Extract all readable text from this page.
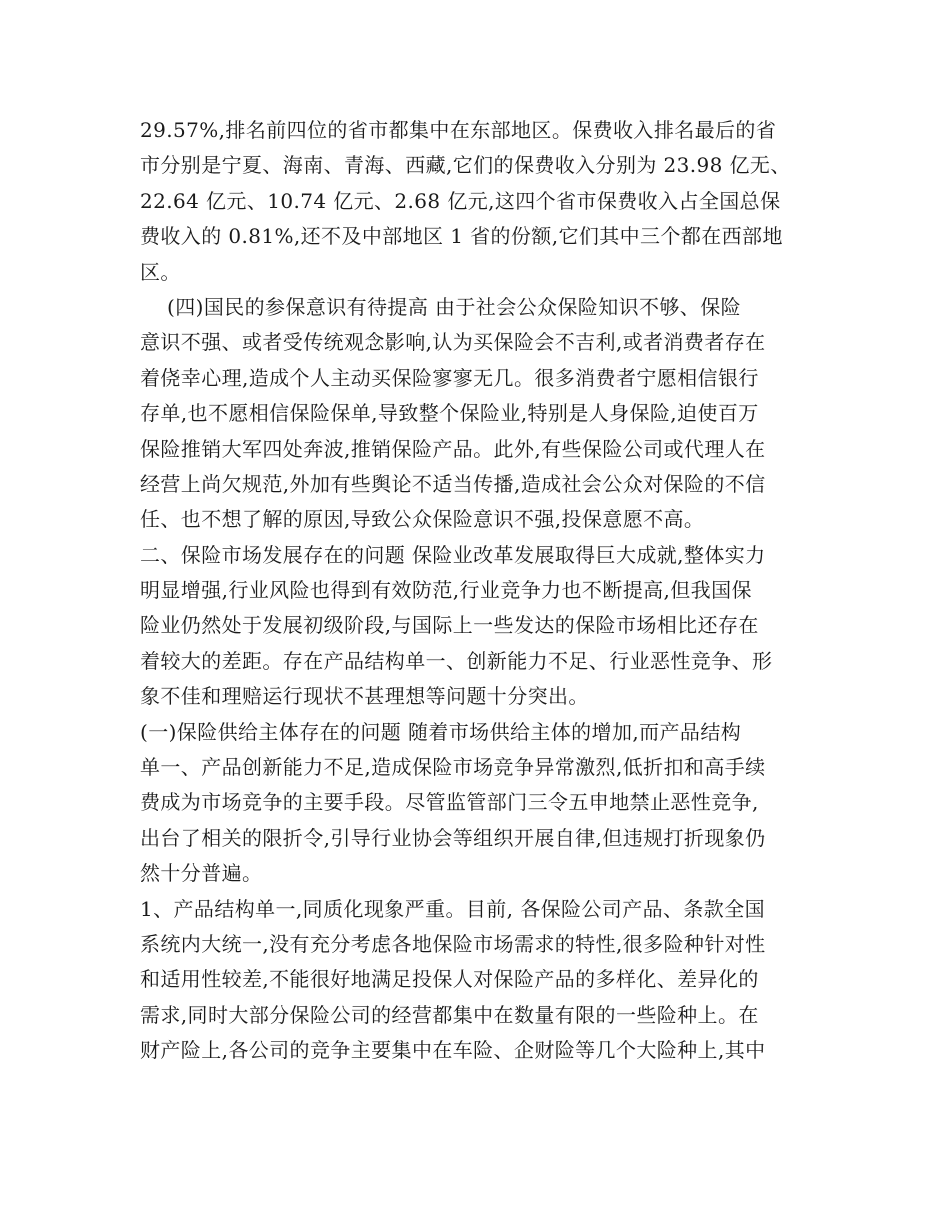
29.57%,排名前四位的省市都集中在东部地区。保费收入排名最后的省
市分别是宁夏、海南、青海、西藏,它们的保费收入分别为 23.98 亿无、
22.64 亿元、10.74 亿元、2.68 亿元,这四个省市保费收入占全国总保
费收入的 0.81%,还不及中部地区 1 省的份额,它们其中三个都在西部地
区。
(四)国民的参保意识有待提高 由于社会公众保险知识不够、保险
意识不强、或者受传统观念影响,认为买保险会不吉利,或者消费者存在
着侥幸心理,造成个人主动买保险寥寥无几。很多消费者宁愿相信银行
存单,也不愿相信保险保单,导致整个保险业,特别是人身保险,迫使百万
保险推销大军四处奔波,推销保险产品。此外,有些保险公司或代理人在
经营上尚欠规范,外加有些舆论不适当传播,造成社会公众对保险的不信
任、也不想了解的原因,导致公众保险意识不强,投保意愿不高。
二、保险市场发展存在的问题 保险业改革发展取得巨大成就,整体实力
明显增强,行业风险也得到有效防范,行业竞争力也不断提高,但我国保
险业仍然处于发展初级阶段,与国际上一些发达的保险市场相比还存在
着较大的差距。存在产品结构单一、创新能力不足、行业恶性竞争、形
象不佳和理赔运行现状不甚理想等问题十分突出。
(一)保险供给主体存在的问题 随着市场供给主体的增加,而产品结构
单一、产品创新能力不足,造成保险市场竞争异常激烈,低折扣和高手续
费成为市场竞争的主要手段。尽管监管部门三令五申地禁止恶性竞争,
出台了相关的限折令,引导行业协会等组织开展自律,但违规打折现象仍
然十分普遍。
1、产品结构单一,同质化现象严重。目前, 各保险公司产品、条款全国
系统内大统一,没有充分考虑各地保险市场需求的特性,很多险种针对性
和适用性较差,不能很好地满足投保人对保险产品的多样化、差异化的
需求,同时大部分保险公司的经营都集中在数量有限的一些险种上。在
财产险上,各公司的竞争主要集中在车险、企财险等几个大险种上,其中
